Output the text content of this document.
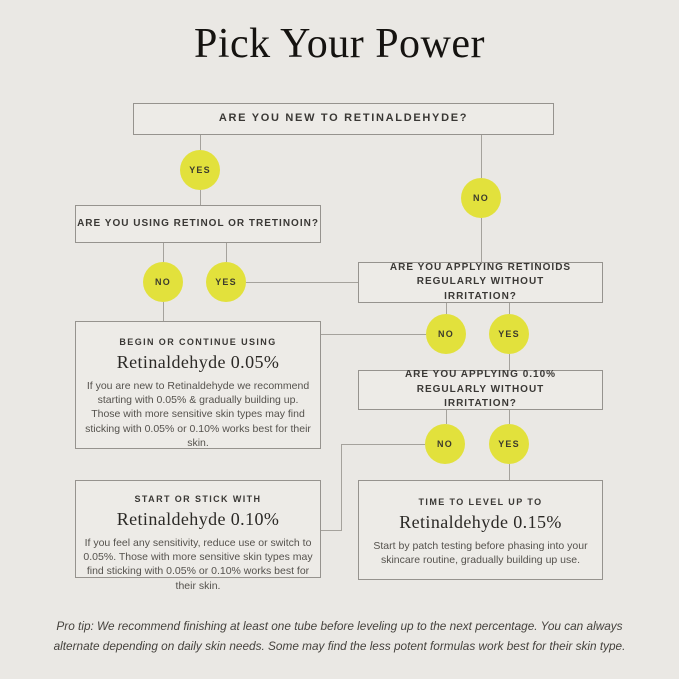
Pick Your Power
ARE YOU NEW TO RETINALDEHYDE?
ARE YOU USING RETINOL OR TRETINOIN?
ARE YOU APPLYING RETINOIDS REGULARLY WITHOUT IRRITATION?
ARE YOU APPLYING 0.10% REGULARLY WITHOUT IRRITATION?
YES
NO
NO	YES
NO	YES
NO	YES
BEGIN OR CONTINUE USING
Retinaldehyde 0.05%

If you are new to Retinaldehyde we recommend starting with 0.05% & gradually building up. Those with more sensitive skin types may find sticking with 0.05% or 0.10% works best for their skin.

START OR STICK WITH
Retinaldehyde 0.10%

If you feel any sensitivity, reduce use or switch to 0.05%. Those with more sensitive skin types may find sticking with 0.05% or 0.10% works best for their skin.

TIME TO LEVEL UP TO
Retinaldehyde 0.15%

Start by patch testing before phasing into your skincare routine, gradually building up use.

Pro tip: We recommend finishing at least one tube before leveling up to the next percentage. You can always alternate depending on daily skin needs. Some may find the less potent formulas work best for their skin type.
